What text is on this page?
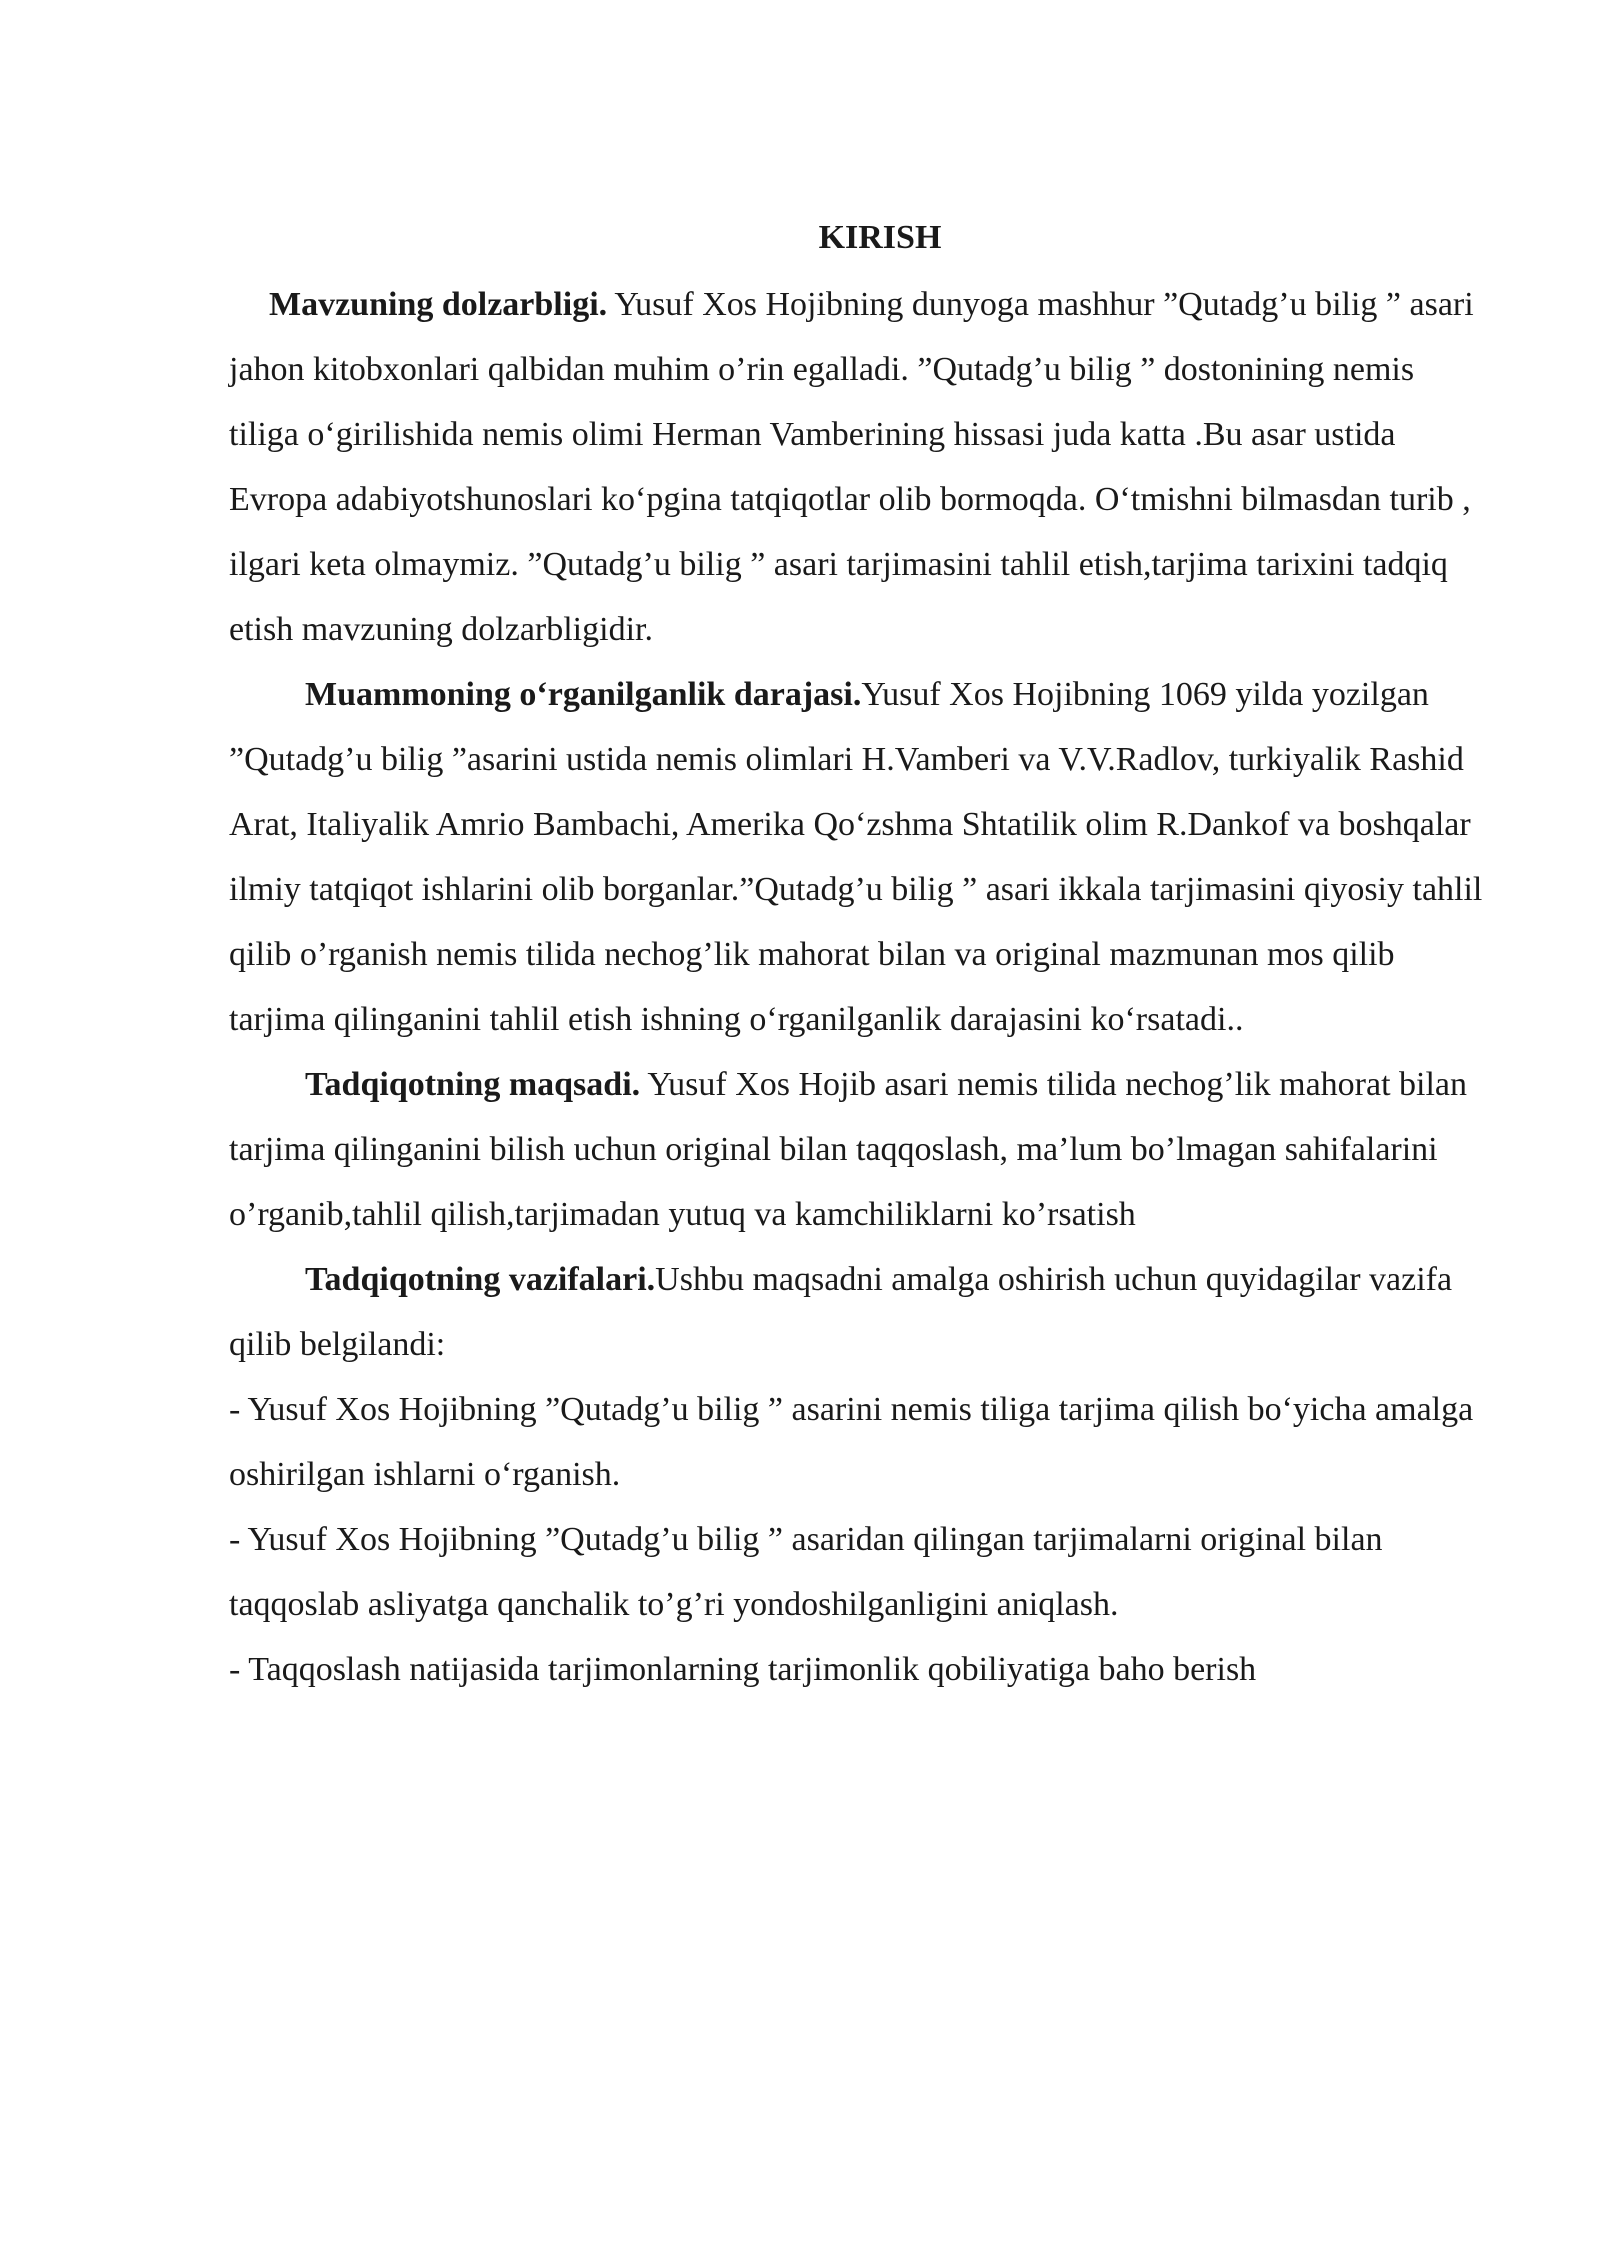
KIRISH

Mavzuning dolzarbligi. Yusuf Xos Hojibning dunyoga mashhur ”Qutadg’u bilig ” asari jahon kitobxonlari qalbidan muhim o’rin egalladi. ”Qutadg’u bilig ” dostonining nemis tiliga o‘girilishida nemis olimi Herman Vamberining hissasi juda katta .Bu asar ustida Evropa adabiyotshunoslari ko‘pgina tatqiqotlar olib bormoqda. O‘tmishni bilmasdan turib , ilgari keta olmaymiz. ”Qutadg’u bilig ” asari tarjimasini tahlil etish,tarjima tarixini tadqiq etish mavzuning dolzarbligidir.

Muammoning o‘rganilganlik darajasi.Yusuf Xos Hojibning 1069 yilda yozilgan ”Qutadg’u bilig ”asarini ustida nemis olimlari H.Vamberi va V.V.Radlov, turkiyalik Rashid Arat, Italiyalik Amrio Bambachi, Amerika Qo‘zshma Shtatilik olim R.Dankof va boshqalar ilmiy tatqiqot ishlarini olib borganlar.”Qutadg’u bilig ” asari ikkala tarjimasini qiyosiy tahlil qilib o’rganish nemis tilida nechog’lik mahorat bilan va original mazmunan mos qilib tarjima qilinganini tahlil etish ishning o‘rganilganlik darajasini ko‘rsatadi..

Tadqiqotning maqsadi. Yusuf Xos Hojib asari nemis tilida nechog’lik mahorat bilan tarjima qilinganini bilish uchun original bilan taqqoslash, ma’lum bo’lmagan sahifalarini o’rganib,tahlil qilish,tarjimadan yutuq va kamchiliklarni ko’rsatish

Tadqiqotning vazifalari.Ushbu maqsadni amalga oshirish uchun quyidagilar vazifa qilib belgilandi:

- Yusuf Xos Hojibning ”Qutadg’u bilig ” asarini nemis tiliga tarjima qilish bo‘yicha amalga oshirilgan ishlarni o‘rganish.

- Yusuf Xos Hojibning ”Qutadg’u bilig ” asaridan qilingan tarjimalarni original bilan taqqoslab asliyatga qanchalik to’g’ri yondoshilganligini aniqlash.

- Taqqoslash natijasida tarjimonlarning tarjimonlik qobiliyatiga baho berish
